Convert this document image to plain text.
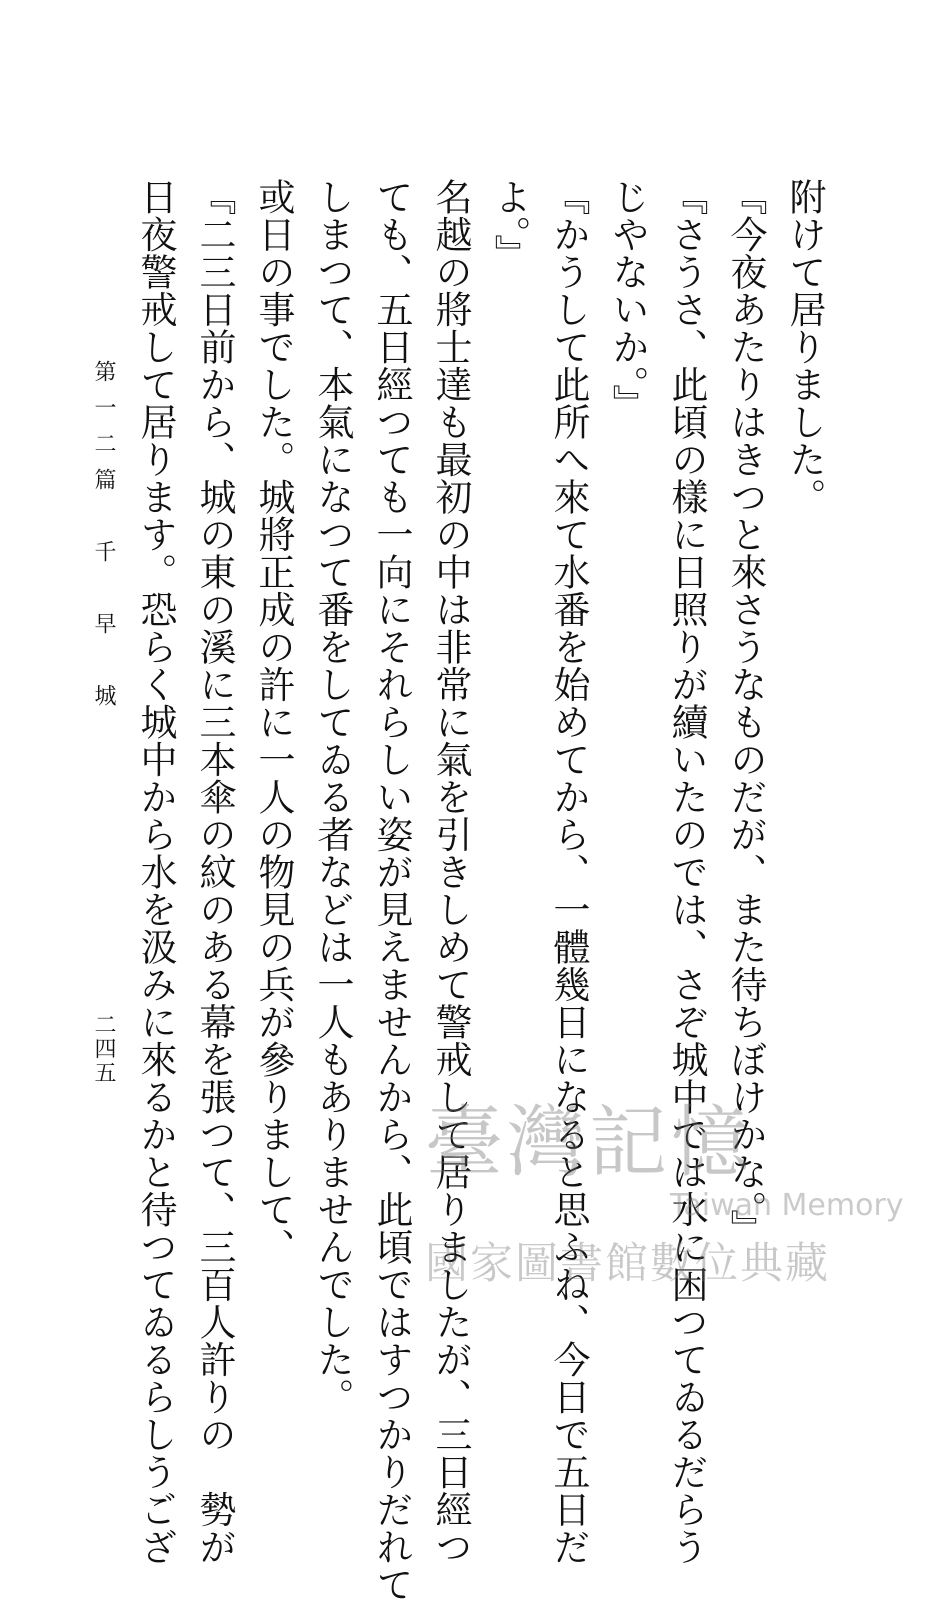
附けて居りました。
『今夜あたりはきつと來さうなものだが、また待ちぼけかな。』
『さうさ、此頃の樣に日照りが續いたのでは、さぞ城中では水に困つてゐるだらう
じやないか。』
『かうして此所へ來て水番を始めてから、一體幾日になると思ふね、今日で五日だ
よ。』
名越の將士達も最初の中は非常に氣を引きしめて警戒して居りましたが、三日經つ
ても、五日經つても一向にそれらしい姿が見えませんから、此頃ではすつかりだれて
しまつて、本氣になつて番をしてゐる者などは一人もありませんでした。
或日の事でした。城將正成の許に一人の物見の兵が參りまして、
『二三日前から、城の東の溪に三本傘の紋のある幕を張つて、三百人許りの　勢が
日夜警戒して居ります。恐らく城中から水を汲みに來るかと待つてゐるらしうござ
第一二篇　千　早　城
二四五
臺灣記憶
Taiwan Memory
國家圖書館數位典藏
